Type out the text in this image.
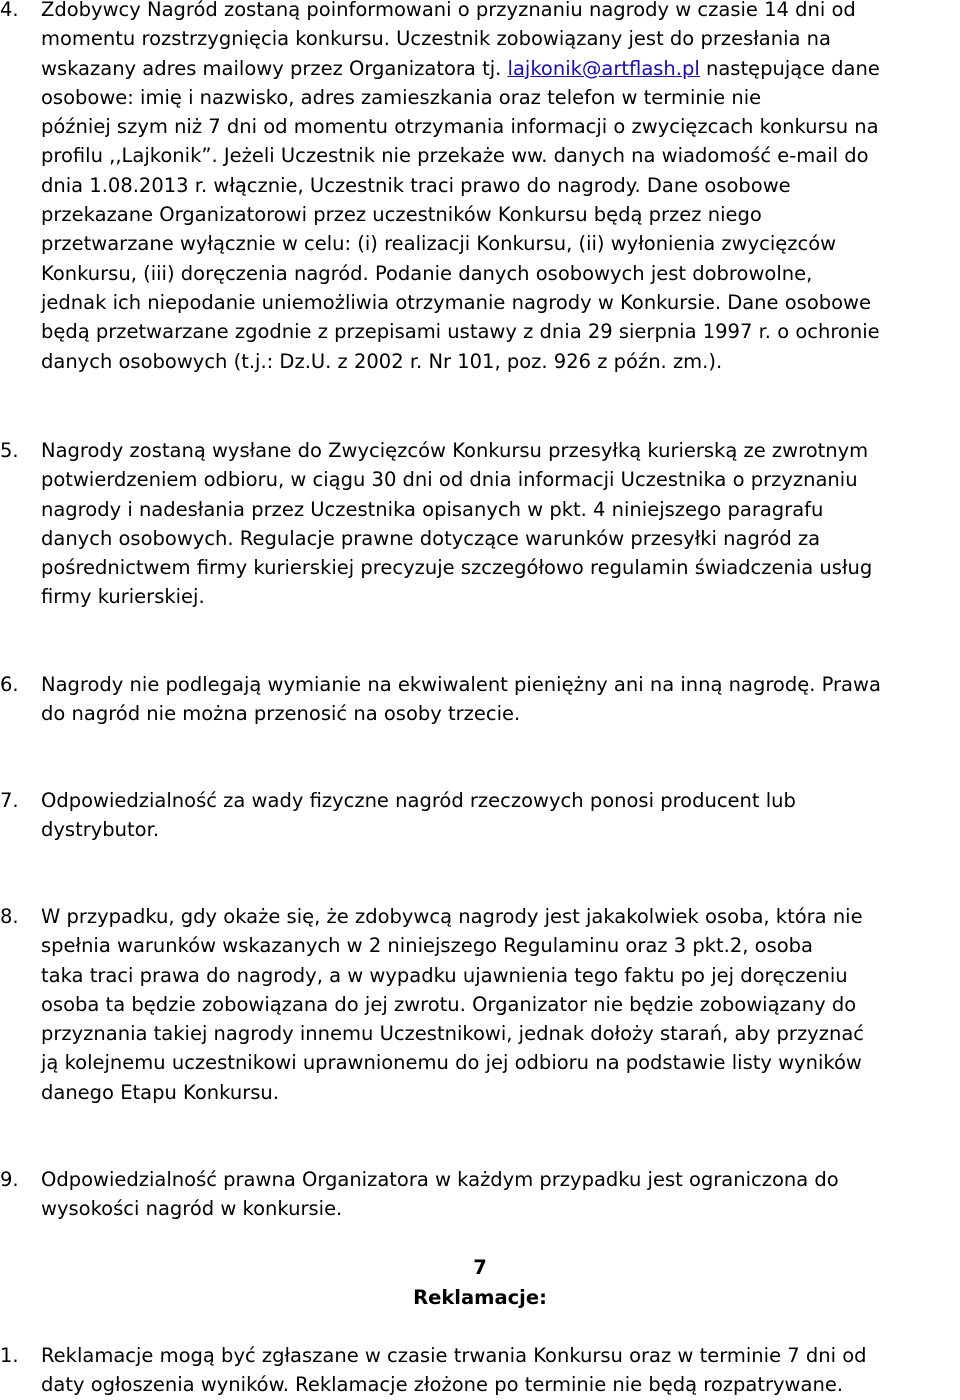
4.	Zdobywcy Nagród zostaną poinformowani o przyznaniu nagrody w czasie 14 dni od
momentu rozstrzygnięcia konkursu. Uczestnik zobowiązany jest do przesłania na
wskazany adres mailowy przez Organizatora tj. lajkonik@artflash.pl następujące dane
osobowe: imię i nazwisko, adres zamieszkania oraz telefon w terminie nie
później szym niż 7 dni od momentu otrzymania informacji o zwycięzcach konkursu na
profilu ,,Lajkonik”. Jeżeli Uczestnik nie przekaże ww. danych na wiadomość e-mail do
dnia 1.08.2013 r. włącznie, Uczestnik traci prawo do nagrody. Dane osobowe
przekazane Organizatorowi przez uczestników Konkursu będą przez niego
przetwarzane wyłącznie w celu: (i) realizacji Konkursu, (ii) wyłonienia zwycięzców
Konkursu, (iii) doręczenia nagród. Podanie danych osobowych jest dobrowolne,
jednak ich niepodanie uniemożliwia otrzymanie nagrody w Konkursie. Dane osobowe
będą przetwarzane zgodnie z przepisami ustawy z dnia 29 sierpnia 1997 r. o ochronie
danych osobowych (t.j.: Dz.U. z 2002 r. Nr 101, poz. 926 z późn. zm.).
5.	Nagrody zostaną wysłane do Zwycięzców Konkursu przesyłką kurierską ze zwrotnym
potwierdzeniem odbioru, w ciągu 30 dni od dnia informacji Uczestnika o przyznaniu
nagrody i nadesłania przez Uczestnika opisanych w pkt. 4 niniejszego paragrafu
danych osobowych. Regulacje prawne dotyczące warunków przesyłki nagród za
pośrednictwem firmy kurierskiej precyzuje szczegółowo regulamin świadczenia usług
firmy kurierskiej.
6.	Nagrody nie podlegają wymianie na ekwiwalent pieniężny ani na inną nagrodę. Prawa
do nagród nie można przenosić na osoby trzecie.
7.	Odpowiedzialność za wady fizyczne nagród rzeczowych ponosi producent lub
dystrybutor.
8.	W przypadku, gdy okaże się, że zdobywcą nagrody jest jakakolwiek osoba, która nie
spełnia warunków wskazanych w 2 niniejszego Regulaminu oraz 3 pkt.2, osoba
taka traci prawa do nagrody, a w wypadku ujawnienia tego faktu po jej doręczeniu
osoba ta będzie zobowiązana do jej zwrotu. Organizator nie będzie zobowiązany do
przyznania takiej nagrody innemu Uczestnikowi, jednak dołoży starań, aby przyznać
ją kolejnemu uczestnikowi uprawnionemu do jej odbioru na podstawie listy wyników
danego Etapu Konkursu.
9.	Odpowiedzialność prawna Organizatora w każdym przypadku jest ograniczona do
wysokości nagród w konkursie.
7
Reklamacje:
1.	Reklamacje mogą być zgłaszane w czasie trwania Konkursu oraz w terminie 7 dni od
daty ogłoszenia wyników. Reklamacje złożone po terminie nie będą rozpatrywane.
